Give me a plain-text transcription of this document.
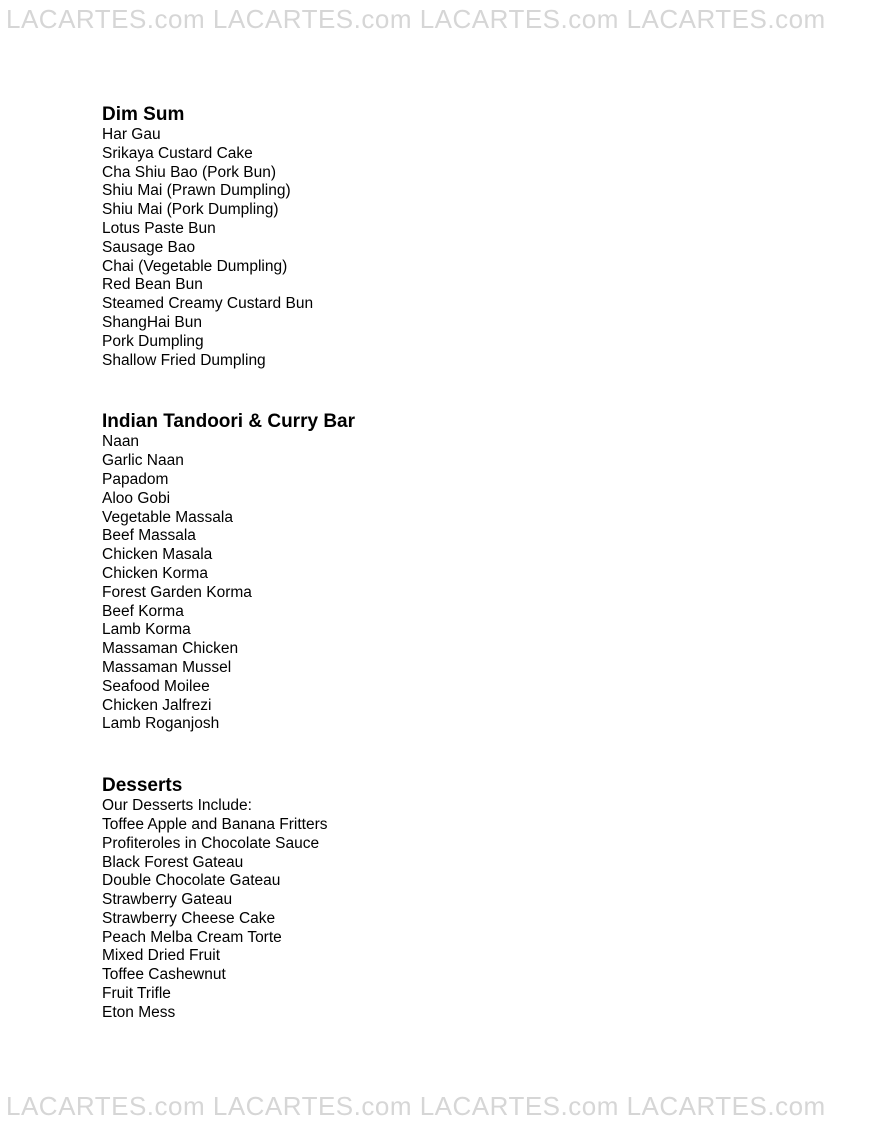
LACARTES.com LACARTES.com LACARTES.com LACARTES.com
Dim Sum
Har Gau
Srikaya Custard Cake
Cha Shiu Bao (Pork Bun)
Shiu Mai (Prawn Dumpling)
Shiu Mai (Pork Dumpling)
Lotus Paste Bun
Sausage Bao
Chai (Vegetable Dumpling)
Red Bean Bun
Steamed Creamy Custard Bun
ShangHai Bun
Pork Dumpling
Shallow Fried Dumpling
Indian Tandoori & Curry Bar
Naan
Garlic Naan
Papadom
Aloo Gobi
Vegetable Massala
Beef Massala
Chicken Masala
Chicken Korma
Forest Garden Korma
Beef Korma
Lamb Korma
Massaman Chicken
Massaman Mussel
Seafood Moilee
Chicken Jalfrezi
Lamb Roganjosh
Desserts
Our Desserts Include:
Toffee Apple and Banana Fritters
Profiteroles in Chocolate Sauce
Black Forest Gateau
Double Chocolate Gateau
Strawberry Gateau
Strawberry Cheese Cake
Peach Melba Cream Torte
Mixed Dried Fruit
Toffee Cashewnut
Fruit Trifle
Eton Mess
LACARTES.com LACARTES.com LACARTES.com LACARTES.com
